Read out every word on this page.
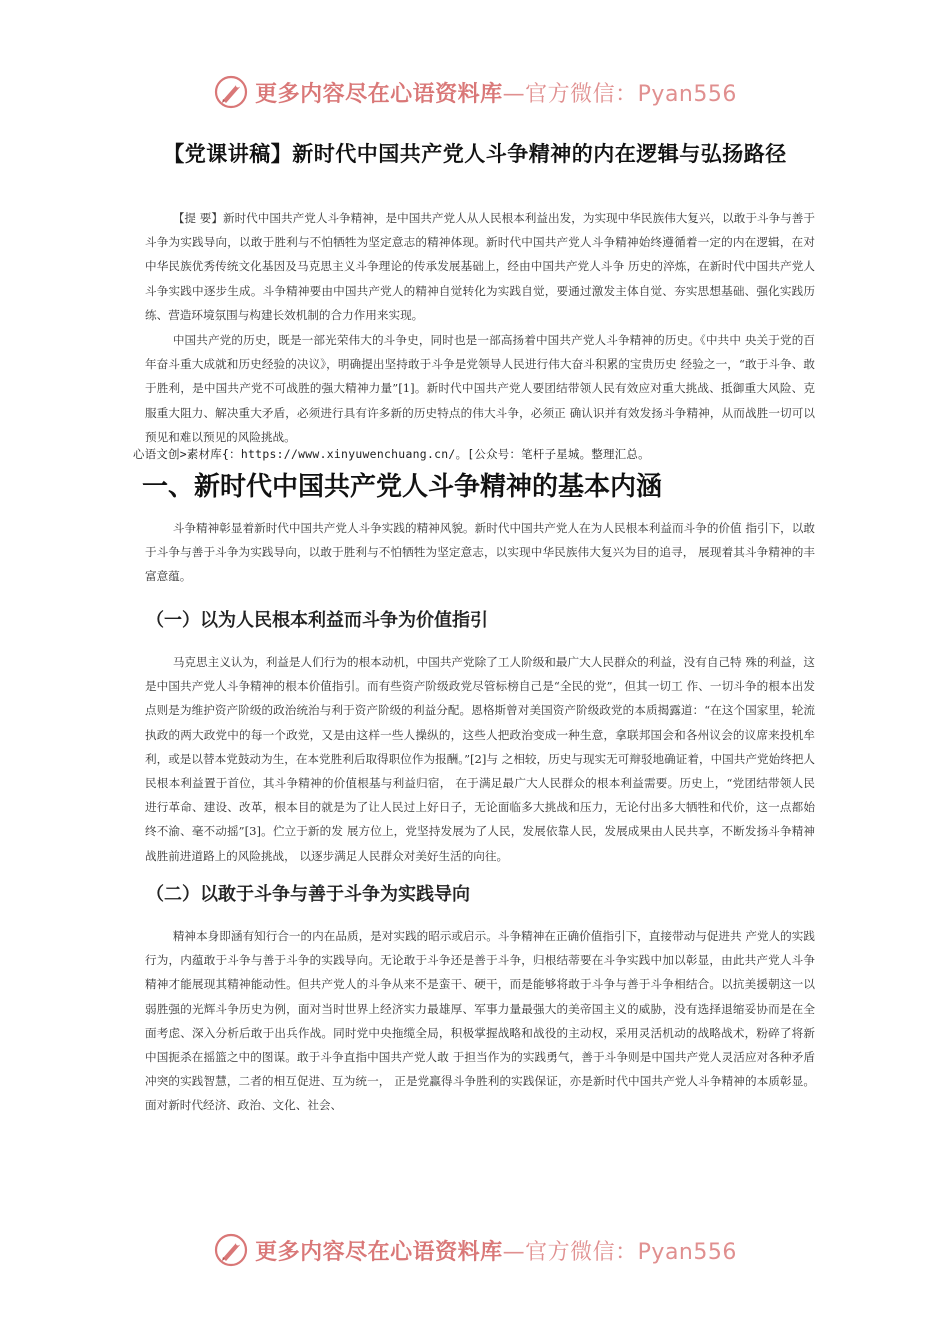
更多内容尽在心语资料库—官方微信：Pyan556
【党课讲稿】新时代中国共产党人斗争精神的内在逻辑与弘扬路径
【提 要】新时代中国共产党人斗争精神，是中国共产党人从人民根本利益出发，为实现中华民族伟大复兴，以敢于斗争与善于斗争为实践导向，以敢于胜利与不怕牺牲为坚定意志的精神体现。新时代中国共产党人斗争精神始终遵循着一定的内在逻辑，在对中华民族优秀传统文化基因及马克思主义斗争理论的传承发展基础上，经由中国共产党人斗争 历史的淬炼，在新时代中国共产党人斗争实践中逐步生成。斗争精神要由中国共产党人的精神自觉转化为实践自觉，要通过激发主体自觉、夯实思想基础、强化实践历练、营造环境氛围与构建长效机制的合力作用来实现。
中国共产党的历史，既是一部光荣伟大的斗争史，同时也是一部高扬着中国共产党人斗争精神的历史。《中共中 央关于党的百年奋斗重大成就和历史经验的决议》，明确提出坚持敢于斗争是党领导人民进行伟大奋斗积累的宝贵历史 经验之一，“敢于斗争、敢于胜利，是中国共产党不可战胜的强大精神力量”[1]。新时代中国共产党人要团结带领人民有效应对重大挑战、抵御重大风险、克服重大阻力、解决重大矛盾，必须进行具有许多新的历史特点的伟大斗争，必须正 确认识并有效发扬斗争精神，从而战胜一切可以预见和难以预见的风险挑战。
心语文创>素材库{：https://www.xinyuwenchuang.cn/。[公众号：笔杆子星城。整理汇总。
一、新时代中国共产党人斗争精神的基本内涵
斗争精神彰显着新时代中国共产党人斗争实践的精神风貌。新时代中国共产党人在为人民根本利益而斗争的价值 指引下，以敢于斗争与善于斗争为实践导向，以敢于胜利与不怕牺牲为坚定意志，以实现中华民族伟大复兴为目的追寻， 展现着其斗争精神的丰富意蕴。
（一）以为人民根本利益而斗争为价值指引
马克思主义认为，利益是人们行为的根本动机，中国共产党除了工人阶级和最广大人民群众的利益，没有自己特 殊的利益，这是中国共产党人斗争精神的根本价值指引。而有些资产阶级政党尽管标榜自己是“全民的党”，但其一切工 作、一切斗争的根本出发点则是为维护资产阶级的政治统治与利于资产阶级的利益分配。恩格斯曾对美国资产阶级政党的本质揭露道：“在这个国家里，轮流执政的两大政党中的每一个政党，又是由这样一些人操纵的，这些人把政治变成一种生意，拿联邦国会和各州议会的议席来投机牟利，或是以替本党鼓动为生，在本党胜利后取得职位作为报酬。”[2]与 之相较，历史与现实无可辩驳地确证着，中国共产党始终把人民根本利益置于首位，其斗争精神的价值根基与利益归宿， 在于满足最广大人民群众的根本利益需要。历史上，“党团结带领人民进行革命、建设、改革，根本目的就是为了让人民过上好日子，无论面临多大挑战和压力，无论付出多大牺牲和代价，这一点都始终不渝、毫不动摇”[3]。伫立于新的发 展方位上，党坚持发展为了人民，发展依靠人民，发展成果由人民共享，不断发扬斗争精神战胜前进道路上的风险挑战， 以逐步满足人民群众对美好生活的向往。
（二）以敢于斗争与善于斗争为实践导向
精神本身即涵有知行合一的内在品质，是对实践的昭示或启示。斗争精神在正确价值指引下，直接带动与促进共 产党人的实践行为，内蕴敢于斗争与善于斗争的实践导向。无论敢于斗争还是善于斗争，归根结蒂要在斗争实践中加以彰显，由此共产党人斗争精神才能展现其精神能动性。但共产党人的斗争从来不是蛮干、硬干，而是能够将敢于斗争与善于斗争相结合。以抗美援朝这一以弱胜强的光辉斗争历史为例，面对当时世界上经济实力最雄厚、军事力量最强大的美帝国主义的威胁，没有选择退缩妥协而是在全面考虑、深入分析后敢于出兵作战。同时党中央拖缆全局，积极掌握战略和战役的主动权，采用灵活机动的战略战术，粉碎了将新中国扼杀在摇篮之中的图谋。敢于斗争直指中国共产党人敢 于担当作为的实践勇气，善于斗争则是中国共产党人灵活应对各种矛盾冲突的实践智慧，二者的相互促进、互为统一， 正是党赢得斗争胜利的实践保证，亦是新时代中国共产党人斗争精神的本质彰显。面对新时代经济、政治、文化、社会、
更多内容尽在心语资料库—官方微信：Pyan556
